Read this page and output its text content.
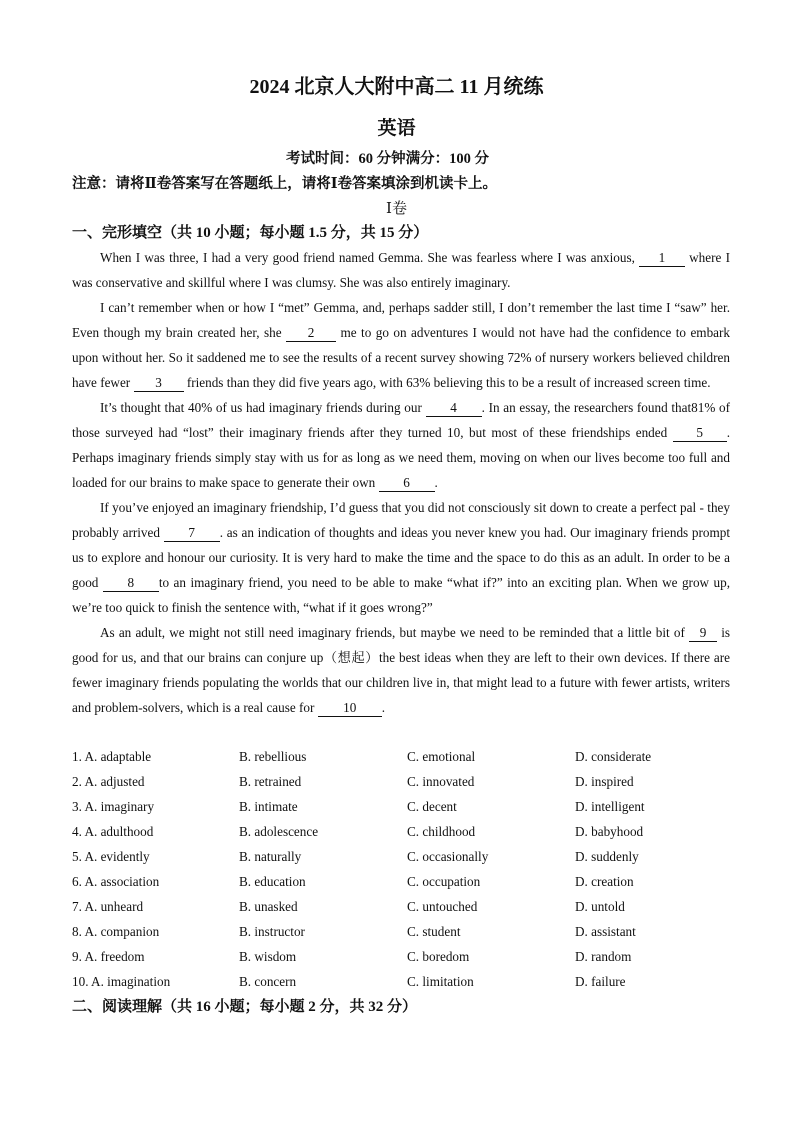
2024 北京人大附中高二 11 月统练
英语
考试时间：60 分钟满分：100 分
注意：请将Ⅱ卷答案写在答题纸上，请将Ⅰ卷答案填涂到机读卡上。
Ⅰ卷
一、完形填空（共 10 小题；每小题 1.5 分，共 15 分）

When I was three, I had a very good friend named Gemma. She was fearless where I was anxious, 1 where I was conservative and skillful where I was clumsy. She was also entirely imaginary.

I can’t remember when or how I “met” Gemma, and, perhaps sadder still, I don’t remember the last time I “saw” her. Even though my brain created her, she 2 me to go on adventures I would not have had the confidence to embark upon without her. So it saddened me to see the results of a recent survey showing 72% of nursery workers believed children have fewer 3 friends than they did five years ago, with 63% believing this to be a result of increased screen time.

It’s thought that 40% of us had imaginary friends during our 4 . In an essay, the researchers found that81% of those surveyed had “lost” their imaginary friends after they turned 10, but most of these friendships ended 5 . Perhaps imaginary friends simply stay with us for as long as we need them, moving on when our lives become too full and loaded for our brains to make space to generate their own 6 .

If you’ve enjoyed an imaginary friendship, I’d guess that you did not consciously sit down to create a perfect pal - they probably arrived 7 . as an indication of thoughts and ideas you never knew you had. Our imaginary friends prompt us to explore and honour our curiosity. It is very hard to make the time and the space to do this as an adult. In order to be a good 8 to an imaginary friend, you need to be able to make “what if?” into an exciting plan. When we grow up, we’re too quick to finish the sentence with, “what if it goes wrong?”

As an adult, we might not still need imaginary friends, but maybe we need to be reminded that a little bit of 9 is good for us, and that our brains can conjure up（想起）the best ideas when they are left to their own devices. If there are fewer imaginary friends populating the worlds that our children live in, that might lead to a future with fewer artists, writers and problem-solvers, which is a real cause for 10 .

1. A. adaptable	B. rebellious	C. emotional	D. considerate
2. A. adjusted	B. retrained	C. innovated	D. inspired
3. A. imaginary	B. intimate	C. decent	D. intelligent
4. A. adulthood	B. adolescence	C. childhood	D. babyhood
5. A. evidently	B. naturally	C. occasionally	D. suddenly
6. A. association	B. education	C. occupation	D. creation
7. A. unheard	B. unasked	C. untouched	D. untold
8. A. companion	B. instructor	C. student	D. assistant
9. A. freedom	B. wisdom	C. boredom	D. random
10. A. imagination	B. concern	C. limitation	D. failure
二、阅读理解（共 16 小题；每小题 2 分，共 32 分）
